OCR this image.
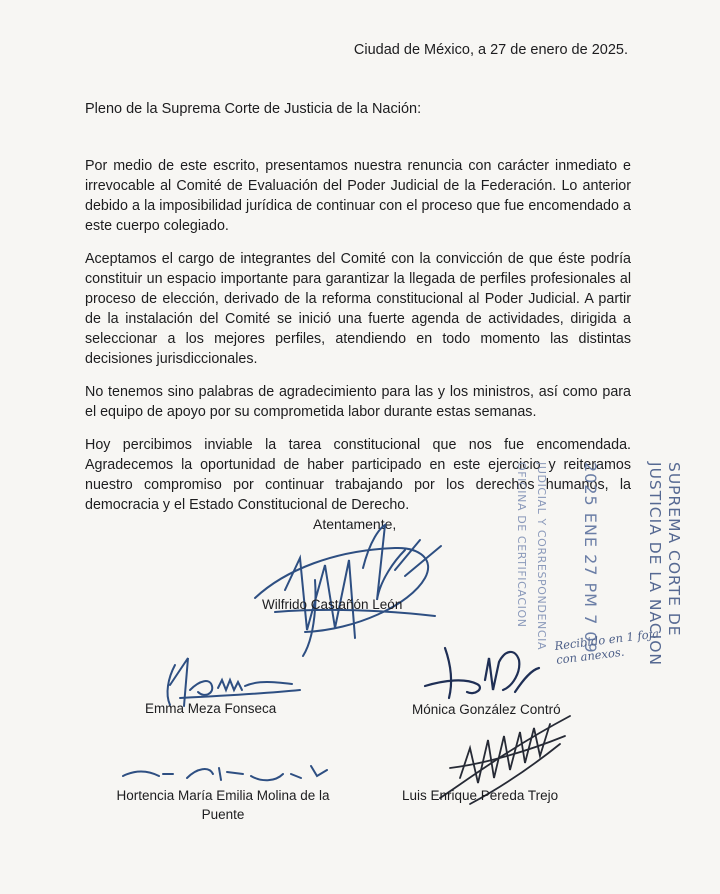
Ciudad de México, a 27 de enero de 2025.
Pleno de la Suprema Corte de Justicia de la Nación:

Por medio de este escrito, presentamos nuestra renuncia con carácter inmediato e irrevocable al Comité de Evaluación del Poder Judicial de la Federación. Lo anterior debido a la imposibilidad jurídica de continuar con el proceso que fue encomendado a este cuerpo colegiado.

Aceptamos el cargo de integrantes del Comité con la convicción de que éste podría constituir un espacio importante para garantizar la llegada de perfiles profesionales al proceso de elección, derivado de la reforma constitucional al Poder Judicial. A partir de la instalación del Comité se inició una fuerte agenda de actividades, dirigida a seleccionar a los mejores perfiles, atendiendo en todo momento las distintas decisiones jurisdiccionales.

No tenemos sino palabras de agradecimiento para las y los ministros, así como para el equipo de apoyo por su comprometida labor durante estas semanas.

Hoy percibimos inviable la tarea constitucional que nos fue encomendada. Agradecemos la oportunidad de haber participado en este ejercicio y reiteramos nuestro compromiso por continuar trabajando por los derechos humanos, la democracia y el Estado Constitucional de Derecho.	SUPREMA CORTE DE
JUSTICIA DE LA NACION
2025 ENE 27 PM 7 09
JUDICIAL Y CORRESPONDENCIA
OFICINA DE CERTIFICACION
Recibido en 1 foja con anexos.
Atentamente,
Wilfrido Castañón León
Emma Meza Fonseca	Mónica González Contró
Hortencia María Emilia Molina de la Puente
Luis Enrique Pereda Trejo
